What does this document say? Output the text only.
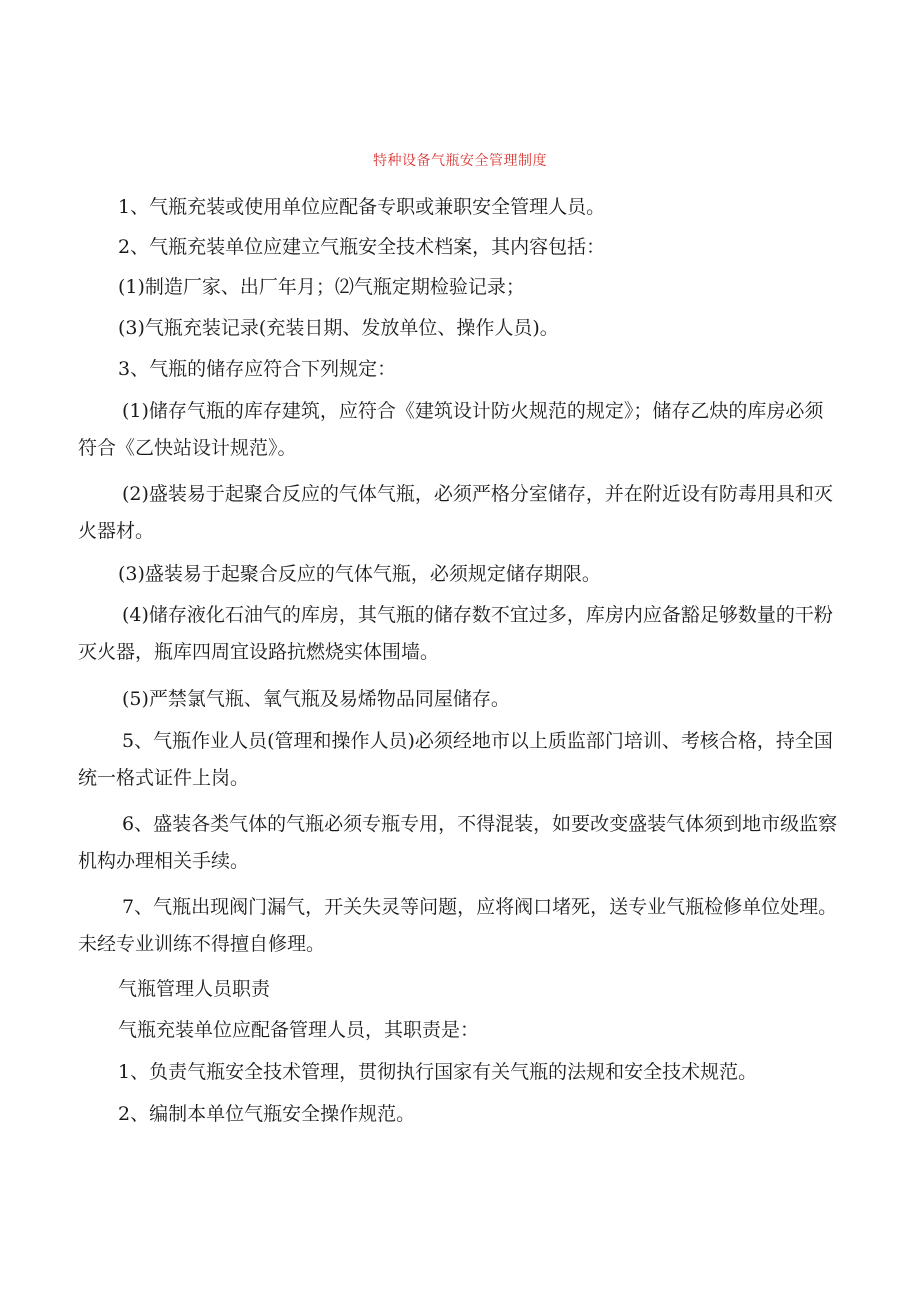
特种设备气瓶安全管理制度

1、气瓶充装或使用单位应配备专职或兼职安全管理人员。

2、气瓶充装单位应建立气瓶安全技术档案，其内容包括：

(1)制造厂家、出厂年月；⑵气瓶定期检验记录；

(3)气瓶充装记录(充装日期、发放单位、操作人员)。

3、气瓶的储存应符合下列规定：

(1)储存气瓶的库存建筑，应符合《建筑设计防火规范的规定》；储存乙炔的库房必须符合《乙快站设计规范》。

(2)盛装易于起聚合反应的气体气瓶，必须严格分室储存，并在附近设有防毒用具和灭火器材。

(3)盛装易于起聚合反应的气体气瓶，必须规定储存期限。

(4)储存液化石油气的库房，其气瓶的储存数不宜过多，库房内应备豁足够数量的干粉灭火器，瓶库四周宜设路抗燃烧实体围墙。

(5)严禁氯气瓶、氧气瓶及易烯物品同屋储存。

5、气瓶作业人员(管理和操作人员)必须经地市以上质监部门培训、考核合格，持全国统一格式证件上岗。

6、盛装各类气体的气瓶必须专瓶专用，不得混装，如要改变盛装气体须到地市级监察机构办理相关手续。

7、气瓶出现阀门漏气，开关失灵等问题，应将阀口堵死，送专业气瓶检修单位处理。未经专业训练不得擅自修理。

气瓶管理人员职责

气瓶充装单位应配备管理人员，其职责是：

1、负责气瓶安全技术管理，贯彻执行国家有关气瓶的法规和安全技术规范。

2、编制本单位气瓶安全操作规范。
